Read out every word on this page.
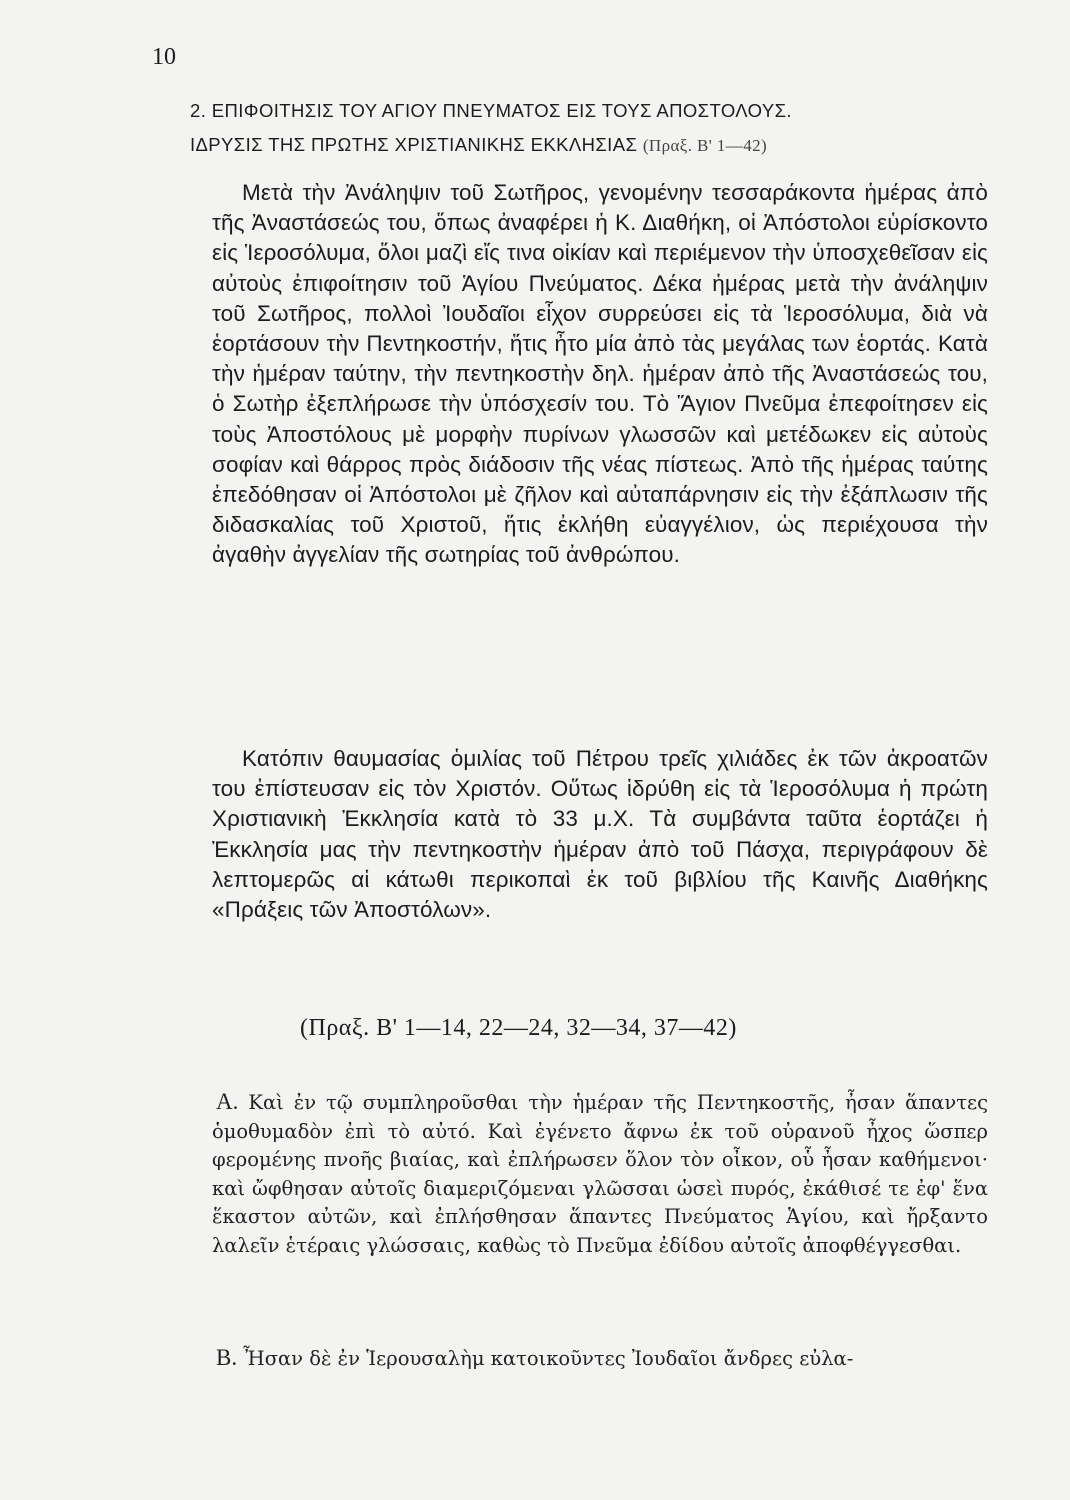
10
2. ΕΠΙΦΟΙΤΗΣΙΣ ΤΟΥ ΑΓΙΟΥ ΠΝΕΥΜΑΤΟΣ ΕΙΣ ΤΟΥΣ ΑΠΟΣΤΟΛΟΥΣ.
ΙΔΡΥΣΙΣ ΤΗΣ ΠΡΩΤΗΣ ΧΡΙΣΤΙΑΝΙΚΗΣ ΕΚΚΛΗΣΙΑΣ (Πραξ. Β' 1—42)

Μετὰ τὴν Ἀνάληψιν τοῦ Σωτῆρος, γενομένην τεσσαράκοντα ἡμέρας ἀπὸ τῆς Ἀναστάσεώς του, ὅπως ἀναφέρει ἡ Κ. Διαθήκη, οἱ Ἀπόστολοι εὑρίσκοντο εἰς Ἱεροσόλυμα, ὅλοι μαζὶ εἴς τινα οἰκίαν καὶ περιέμενον τὴν ὑποσχεθεῖσαν εἰς αὐτοὺς ἐπιφοίτησιν τοῦ Ἁγίου Πνεύματος. Δέκα ἡμέρας μετὰ τὴν ἀνάληψιν τοῦ Σωτῆρος, πολλοὶ Ἰουδαῖοι εἶχον συρρεύσει εἰς τὰ Ἱεροσόλυμα, διὰ νὰ ἑορτάσουν τὴν Πεντηκοστήν, ἥτις ἦτο μία ἀπὸ τὰς μεγάλας των ἑορτάς. Κατὰ τὴν ἡμέραν ταύτην, τὴν πεντηκοστὴν δηλ. ἡμέραν ἀπὸ τῆς Ἀναστάσεώς του, ὁ Σωτὴρ ἐξεπλήρωσε τὴν ὑπόσχεσίν του. Τὸ Ἅγιον Πνεῦμα ἐπεφοίτησεν εἰς τοὺς Ἀποστόλους μὲ μορφὴν πυρίνων γλωσσῶν καὶ μετέδωκεν εἰς αὐτοὺς σοφίαν καὶ θάρρος πρὸς διάδοσιν τῆς νέας πίστεως. Ἀπὸ τῆς ἡμέρας ταύτης ἐπεδόθησαν οἱ Ἀπόστολοι μὲ ζῆλον καὶ αὐταπάρνησιν εἰς τὴν ἐξάπλωσιν τῆς διδασκαλίας τοῦ Χριστοῦ, ἥτις ἐκλήθη εὐαγγέλιον, ὡς περιέχουσα τὴν ἀγαθὴν ἀγγελίαν τῆς σωτηρίας τοῦ ἀνθρώπου.

Κατόπιν θαυμασίας ὁμιλίας τοῦ Πέτρου τρεῖς χιλιάδες ἐκ τῶν ἀκροατῶν του ἐπίστευσαν εἰς τὸν Χριστόν. Οὕτως ἱδρύθη εἰς τὰ Ἱεροσόλυμα ἡ πρώτη Χριστιανικὴ Ἐκκλησία κατὰ τὸ 33 μ.Χ. Τὰ συμβάντα ταῦτα ἑορτάζει ἡ Ἐκκλησία μας τὴν πεντηκοστὴν ἡμέραν ἀπὸ τοῦ Πάσχα, περιγράφουν δὲ λεπτομερῶς αἱ κάτωθι περικοπαὶ ἐκ τοῦ βιβλίου τῆς Καινῆς Διαθήκης «Πράξεις τῶν Ἀποστόλων».

(Πραξ. Β' 1—14, 22—24, 32—34, 37—42)

Α. Καὶ ἐν τῷ συμπληροῦσθαι τὴν ἡμέραν τῆς Πεντηκοστῆς, ἦσαν ἅπαντες ὁμοθυμαδὸν ἐπὶ τὸ αὐτό. Καὶ ἐγένετο ἄφνω ἐκ τοῦ οὐρανοῦ ἦχος ὥσπερ φερομένης πνοῆς βιαίας, καὶ ἐπλήρωσεν ὅλον τὸν οἶκον, οὗ ἦσαν καθήμενοι· καὶ ὤφθησαν αὐτοῖς διαμεριζόμεναι γλῶσσαι ὡσεὶ πυρός, ἐκάθισέ τε ἐφ' ἕνα ἕκαστον αὐτῶν, καὶ ἐπλήσθησαν ἅπαντες Πνεύματος Ἁγίου, καὶ ἤρξαντο λαλεῖν ἑτέραις γλώσσαις, καθὼς τὸ Πνεῦμα ἐδίδου αὐτοῖς ἀποφθέγγεσθαι.

Β. Ἦσαν δὲ ἐν Ἱερουσαλὴμ κατοικοῦντες Ἰουδαῖοι ἄνδρες εὐλα-
